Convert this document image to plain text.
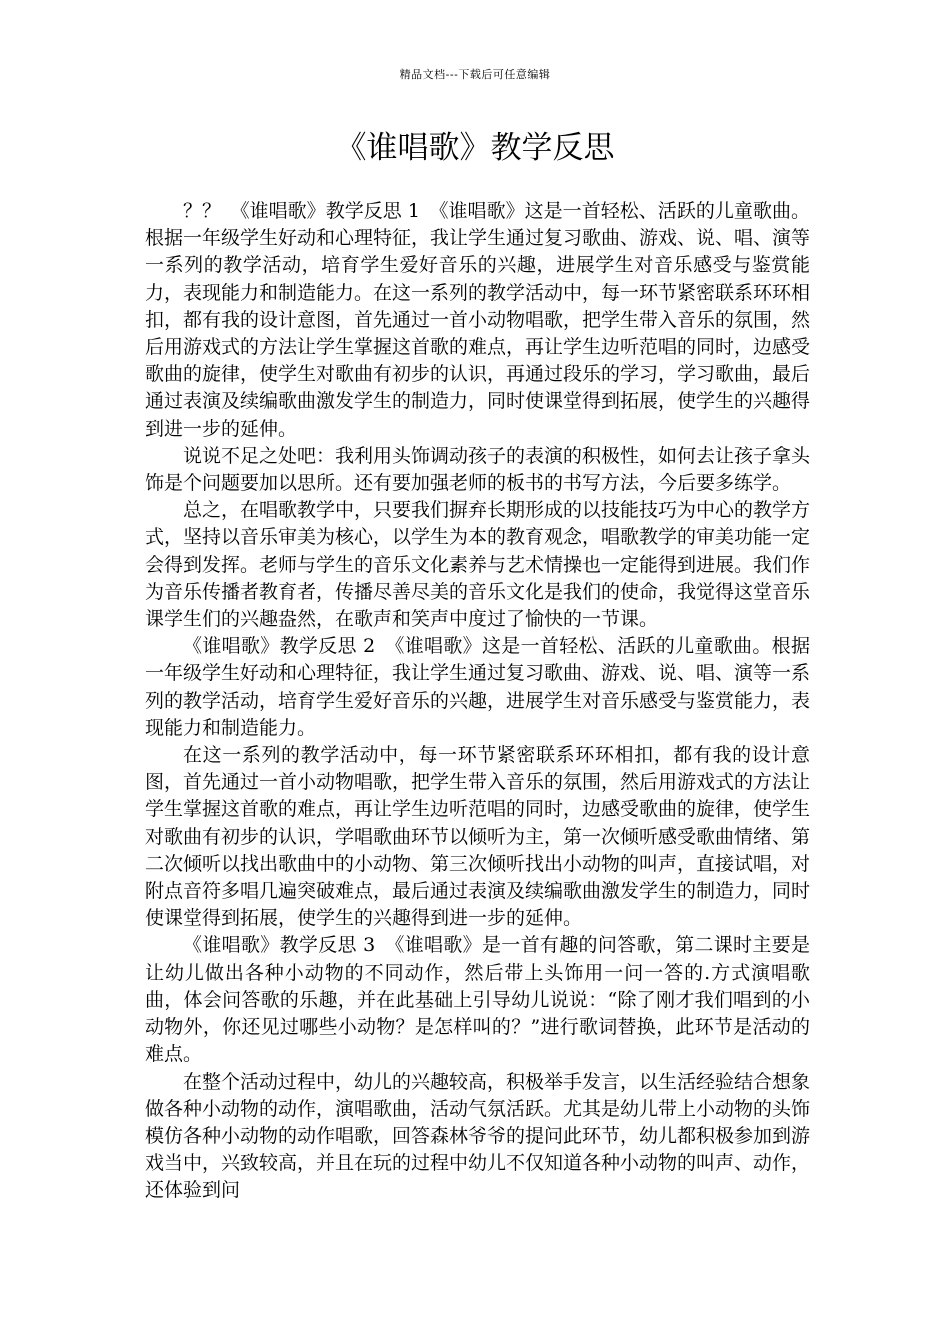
精品文档---下载后可任意编辑
《谁唱歌》教学反思

？？　《谁唱歌》教学反思 1　《谁唱歌》这是一首轻松、活跃的儿童歌曲。根据一年级学生好动和心理特征，我让学生通过复习歌曲、游戏、说、唱、演等一系列的教学活动，培育学生爱好音乐的兴趣，进展学生对音乐感受与鉴赏能力，表现能力和制造能力。在这一系列的教学活动中，每一环节紧密联系环环相扣，都有我的设计意图，首先通过一首小动物唱歌，把学生带入音乐的氛围，然后用游戏式的方法让学生掌握这首歌的难点，再让学生边听范唱的同时，边感受歌曲的旋律，使学生对歌曲有初步的认识，再通过段乐的学习，学习歌曲，最后通过表演及续编歌曲激发学生的制造力，同时使课堂得到拓展，使学生的兴趣得到进一步的延伸。

说说不足之处吧：我利用头饰调动孩子的表演的积极性，如何去让孩子拿头饰是个问题要加以思所。还有要加强老师的板书的书写方法，今后要多练学。

总之，在唱歌教学中，只要我们摒弃长期形成的以技能技巧为中心的教学方式，坚持以音乐审美为核心，以学生为本的教育观念，唱歌教学的审美功能一定会得到发挥。老师与学生的音乐文化素养与艺术情操也一定能得到进展。我们作为音乐传播者教育者，传播尽善尽美的音乐文化是我们的使命，我觉得这堂音乐课学生们的兴趣盎然，在歌声和笑声中度过了愉快的一节课。

《谁唱歌》教学反思 2　《谁唱歌》这是一首轻松、活跃的儿童歌曲。根据一年级学生好动和心理特征，我让学生通过复习歌曲、游戏、说、唱、演等一系列的教学活动，培育学生爱好音乐的兴趣，进展学生对音乐感受与鉴赏能力，表现能力和制造能力。

在这一系列的教学活动中，每一环节紧密联系环环相扣，都有我的设计意图，首先通过一首小动物唱歌，把学生带入音乐的氛围，然后用游戏式的方法让学生掌握这首歌的难点，再让学生边听范唱的同时，边感受歌曲的旋律，使学生对歌曲有初步的认识，学唱歌曲环节以倾听为主，第一次倾听感受歌曲情绪、第二次倾听以找出歌曲中的小动物、第三次倾听找出小动物的叫声，直接试唱，对附点音符多唱几遍突破难点，最后通过表演及续编歌曲激发学生的制造力，同时使课堂得到拓展，使学生的兴趣得到进一步的延伸。

《谁唱歌》教学反思 3　《谁唱歌》是一首有趣的问答歌，第二课时主要是让幼儿做出各种小动物的不同动作，然后带上头饰用一问一答的.方式演唱歌曲，体会问答歌的乐趣，并在此基础上引导幼儿说说：“除了刚才我们唱到的小动物外，你还见过哪些小动物？是怎样叫的？”进行歌词替换，此环节是活动的难点。

在整个活动过程中，幼儿的兴趣较高，积极举手发言，以生活经验结合想象做各种小动物的动作，演唱歌曲，活动气氛活跃。尤其是幼儿带上小动物的头饰模仿各种小动物的动作唱歌，回答森林爷爷的提问此环节，幼儿都积极参加到游戏当中，兴致较高，并且在玩的过程中幼儿不仅知道各种小动物的叫声、动作，还体验到问
